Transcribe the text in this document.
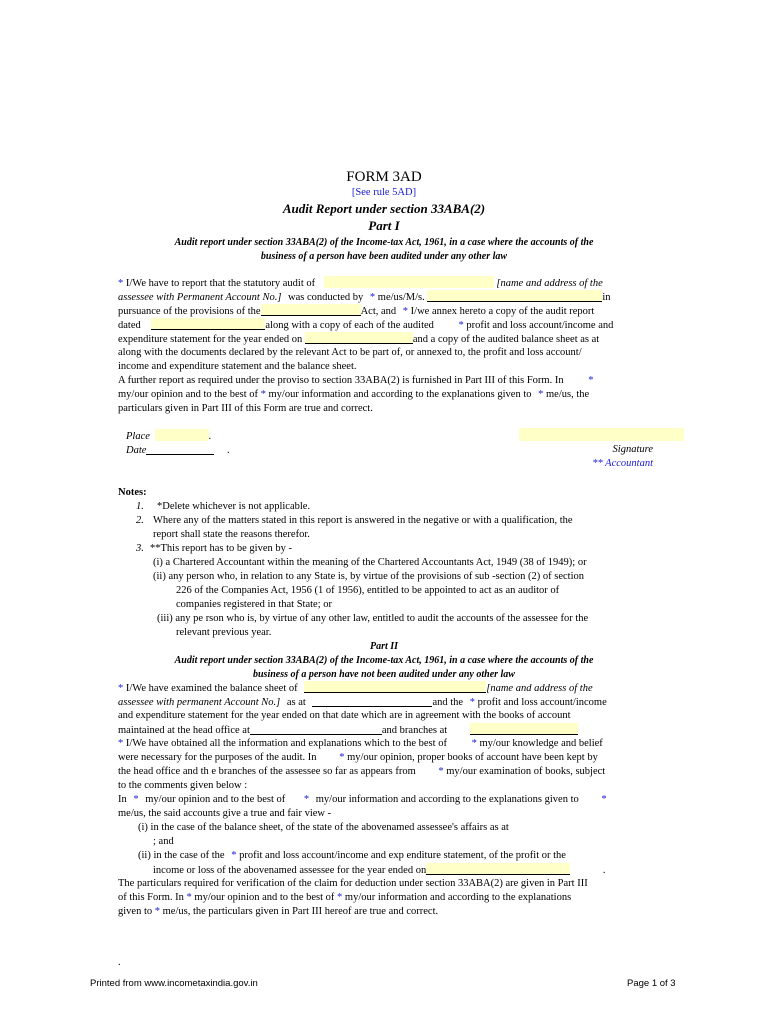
FORM 3AD
[See rule 5AD]
Audit Report under section 33ABA(2)
Part I
Audit report under section 33ABA(2) of the Income-tax Act, 1961, in a case where the accounts of the
business of a person have been audited under any other law
* I/We have to report that the statutory audit of	[name and address of the
assessee with Permanent Account No.] was conducted by * me/us/M/s.	in
pursuance of the provisions of the	Act, and * I/we annex hereto a copy of the audit report
dated	along with a copy of each of the audited * profit and loss account/income and
expenditure statement for the year ended on	and a copy of the audited balance sheet as at
along with the documents declared by the relevant Act to be part of, or annexed to, the profit and loss account/
income and expenditure statement and the balance sheet.
A further report as required under the proviso to section 33ABA(2) is furnished in Part III of this Form. In *
my/our opinion and to the best of * my/our information and according to the explanations given to * me/us, the
particulars given in Part III of this Form are true and correct.
Place	.
Date	.	Signature
** Accountant
Notes:
1. *Delete whichever is not applicable.
2. Where any of the matters stated in this report is answered in the negative or with a qualification, the
report shall state the reasons therefor.
3. **This report has to be given by -
(i) a Chartered Accountant within the meaning of the Chartered Accountants Act, 1949 (38 of 1949); or
(ii) any person who, in relation to any State is, by virtue of the provisions of sub -section (2) of section
226 of the Companies Act, 1956 (1 of 1956), entitled to be appointed to act as an auditor of
companies registered in that State; or
(iii) any pe rson who is, by virtue of any other law, entitled to audit the accounts of the assessee for the
relevant previous year.
Part II
Audit report under section 33ABA(2) of the Income-tax Act, 1961, in a case where the accounts of the
business of a person have not been audited under any other law
* I/We have examined the balance sheet of	[name and address of the
assessee with permanent Account No.] as at	and the * profit and loss account/income
and expenditure statement for the year ended on that date which are in agreement with the books of account
maintained at the head office at	and branches at
* I/We have obtained all the information and explanations which to the best of * my/our knowledge and belief
were necessary for the purposes of the audit. In * my/our opinion, proper books of account have been kept by
the head office and th e branches of the assessee so far as appears from * my/our examination of books, subject
to the comments given below :
In * my/our opinion and to the best of * my/our information and according to the explanations given to *
me/us, the said accounts give a true and fair view -
(i) in the case of the balance sheet, of the state of the abovenamed assessee's affairs as at
; and
(ii) in the case of the * profit and loss account/income and exp enditure statement, of the profit or the
income or loss of the abovenamed assessee for the year ended on	.
The particulars required for verification of the claim for deduction under section 33ABA(2) are given in Part III
of this Form. In * my/our opinion and to the best of * my/our information and according to the explanations
given to * me/us, the particulars given in Part III hereof are true and correct.
.
Printed from www.incometaxindia.gov.in	Page 1 of 3
